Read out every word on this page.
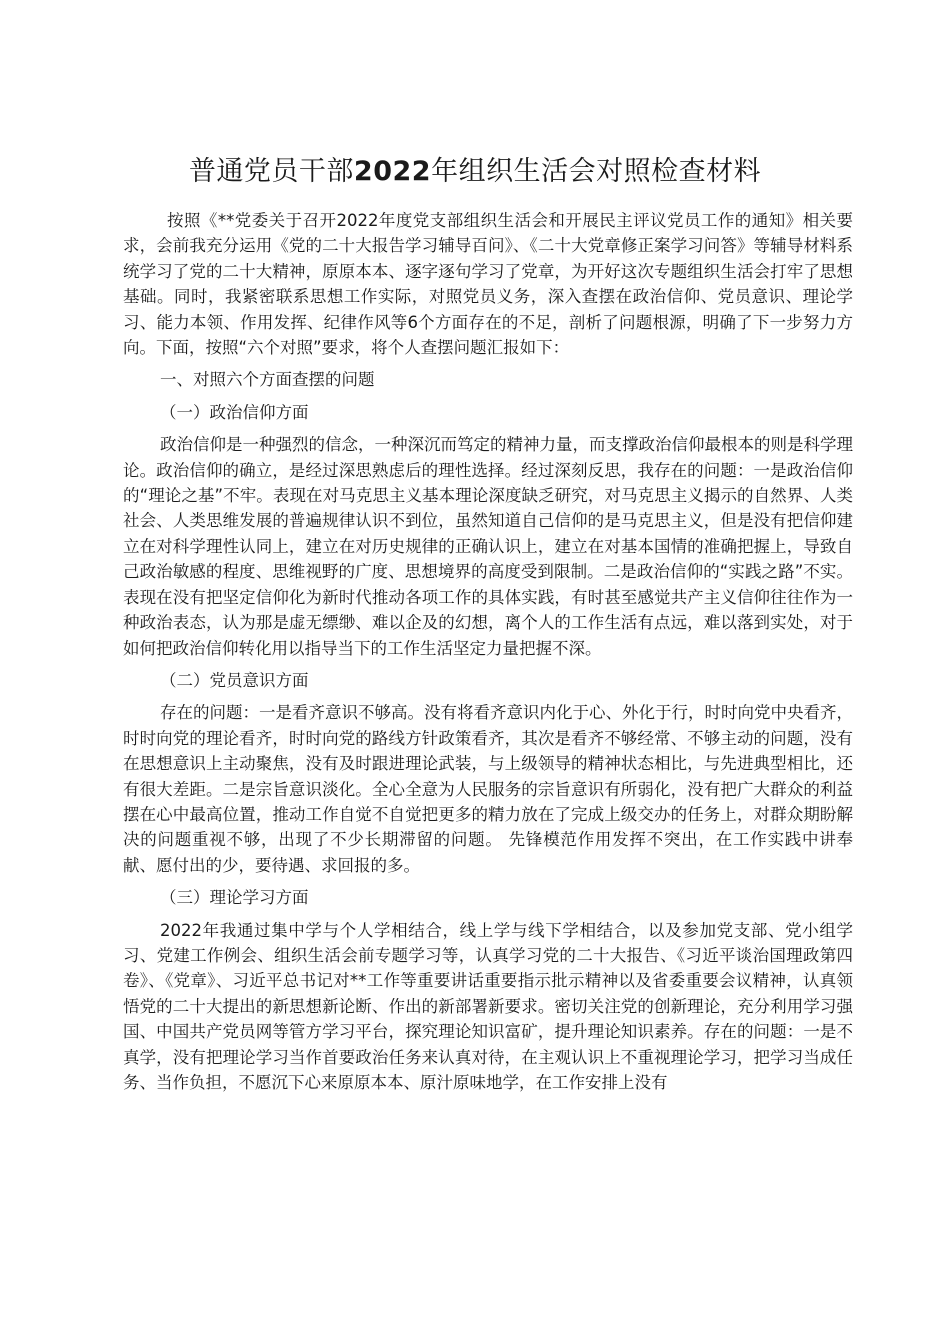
普通党员干部2022年组织生活会对照检查材料

按照《**党委关于召开2022年度党支部组织生活会和开展民主评议党员工作的通知》相关要求，会前我充分运用《党的二十大报告学习辅导百问》、《二十大党章修正案学习问答》等辅导材料系统学习了党的二十大精神，原原本本、逐字逐句学习了党章，为开好这次专题组织生活会打牢了思想基础。同时，我紧密联系思想工作实际，对照党员义务，深入查摆在政治信仰、党员意识、理论学习、能力本领、作用发挥、纪律作风等6个方面存在的不足，剖析了问题根源，明确了下一步努力方向。下面，按照“六个对照”要求，将个人查摆问题汇报如下：

一、对照六个方面查摆的问题

（一）政治信仰方面

政治信仰是一种强烈的信念，一种深沉而笃定的精神力量，而支撑政治信仰最根本的则是科学理论。政治信仰的确立，是经过深思熟虑后的理性选择。经过深刻反思，我存在的问题：一是政治信仰的“理论之基”不牢。表现在对马克思主义基本理论深度缺乏研究，对马克思主义揭示的自然界、人类社会、人类思维发展的普遍规律认识不到位，虽然知道自己信仰的是马克思主义，但是没有把信仰建立在对科学理性认同上，建立在对历史规律的正确认识上，建立在对基本国情的准确把握上，导致自己政治敏感的程度、思维视野的广度、思想境界的高度受到限制。二是政治信仰的“实践之路”不实。表现在没有把坚定信仰化为新时代推动各项工作的具体实践，有时甚至感觉共产主义信仰往往作为一种政治表态，认为那是虚无缥缈、难以企及的幻想，离个人的工作生活有点远，难以落到实处，对于如何把政治信仰转化用以指导当下的工作生活坚定力量把握不深。

（二）党员意识方面

存在的问题：一是看齐意识不够高。没有将看齐意识内化于心、外化于行，时时向党中央看齐，时时向党的理论看齐，时时向党的路线方针政策看齐，其次是看齐不够经常、不够主动的问题，没有在思想意识上主动聚焦，没有及时跟进理论武装，与上级领导的精神状态相比，与先进典型相比，还有很大差距。二是宗旨意识淡化。全心全意为人民服务的宗旨意识有所弱化，没有把广大群众的利益摆在心中最高位置，推动工作自觉不自觉把更多的精力放在了完成上级交办的任务上，对群众期盼解决的问题重视不够，出现了不少长期滞留的问题。 先锋模范作用发挥不突出，在工作实践中讲奉献、愿付出的少，要待遇、求回报的多。

（三）理论学习方面

2022年我通过集中学与个人学相结合，线上学与线下学相结合，以及参加党支部、党小组学习、党建工作例会、组织生活会前专题学习等，认真学习党的二十大报告、《习近平谈治国理政第四卷》、《党章》、习近平总书记对**工作等重要讲话重要指示批示精神以及省委重要会议精神，认真领悟党的二十大提出的新思想新论断、作出的新部署新要求。密切关注党的创新理论，充分利用学习强国、中国共产党员网等管方学习平台，探究理论知识富矿，提升理论知识素养。存在的问题：一是不真学，没有把理论学习当作首要政治任务来认真对待，在主观认识上不重视理论学习，把学习当成任务、当作负担，不愿沉下心来原原本本、原汁原味地学，在工作安排上没有
